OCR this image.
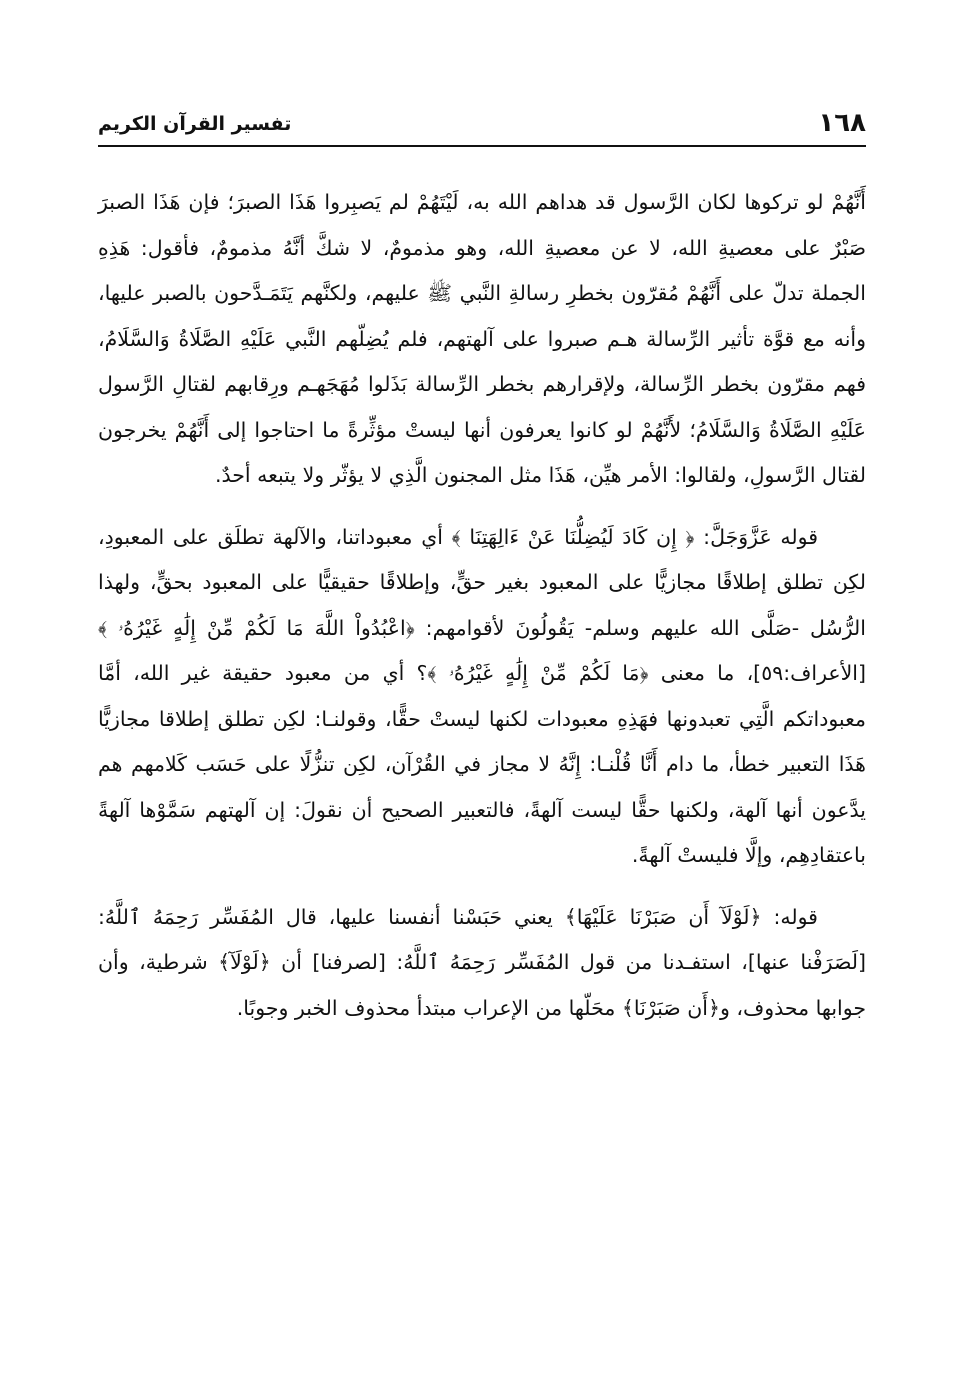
١٦٨
تفسير القرآن الكريم

أَنَّهُمْ لو تركوها لكان الرَّسول قد هداهم الله به، لَيْتَهُمْ لم يَصبِروا هَذَا الصبرَ؛ فإن هَذَا الصبرَ صَبْرٌ على معصيةِ الله، لا عن معصيةِ الله، وهو مذمومٌ، لا شكَّ أنَّهُ مذمومٌ، فأقول: هَذِهِ الجملة تدلّ على أَنَّهُمْ مُقرّون بخطرِ رسالةِ النَّبي ﷺ عليهم، ولكنَّهم يَتَمَـدَّحون بالصبر عليها، وأنه مع قوَّة تأثير الرِّسالة هـم صبروا على آلهتهم، فلم يُضِلّهم النَّبي عَلَيْهِ الصَّلَاةُ وَالسَّلَامُ، فهم مقرّون بخطر الرِّسالة، ولإقرارهم بخطر الرِّسالة بَذَلوا مُهَجَهـم ورِقابهم لقتالِ الرَّسول عَلَيْهِ الصَّلَاةُ وَالسَّلَامُ؛ لأَنَّهُمْ لو كانوا يعرفون أنها ليستْ مؤثِّرةً ما احتاجوا إلى أَنَّهُمْ يخرجون لقتال الرَّسولِ، ولقالوا: الأمر هيِّن، هَذَا مثل المجنون الَّذِي لا يؤثّر ولا يتبعه أحدٌ.

قوله عَزَّوَجَلَّ: ﴿ إِن كَادَ لَيُضِلُّنَا عَنْ ءَالِهَتِنَا ﴾ أي معبوداتنا، والآلهة تطلَق على المعبودِ، لكِن تطلق إطلاقًا مجازيًّا على المعبود بغير حقٍّ، وإطلاقًا حقيقيًّا على المعبود بحقٍّ، ولهذا الرُّسُل -صَلَّى الله عليهم وسلم- يَقُولُونَ لأقوامهم: ﴿اعْبُدُواْ اللَّهَ مَا لَكُمْ مِّنْ إِلَٰهٍ غَيْرُهُۥ ﴾ [الأعراف:٥٩]، ما معنى ﴿مَا لَكُمْ مِّنْ إِلَٰهٍ غَيْرُهُۥ ﴾؟ أي من معبود حقيقة غير الله، أمَّا معبوداتكم الَّتِي تعبدونها فهَذِهِ معبودات لكنها ليستْ حقًّا، وقولنـا: لكِن تطلق إطلاقا مجازيًّا هَذَا التعبير خطأ، ما دام أَنَّا قُلْنـا: إِنَّهُ لا مجاز في القُرْآن، لكِن تنزُّلًا على حَسَب كَلامهم هم يدَّعون أنها آلهة، ولكنها حقًّا ليست آلهةً، فالتعبير الصحيح أن نقولَ: إن آلهتهم سَمَّوْها آلهةً باعتقادِهِم، وإلَّا فليستْ آلهةً.

قوله: ﴿لَوْلَآ أَن صَبَرْنَا عَلَيْهَا﴾ يعني حَبَسْنا أنفسنا عليها، قال المُفَسِّر رَحِمَهُ ٱللَّهُ: [لَصَرَفْنا عنها]، استفـدنا من قول المُفَسِّر رَحِمَهُ ٱللَّهُ: [لصرفنا] أن ﴿لَوْلَآ﴾ شرطية، وأن جوابها محذوف، و﴿أَن صَبَرْنَا﴾ محَلّها من الإعراب مبتدأ محذوف الخبر وجوبًا.
